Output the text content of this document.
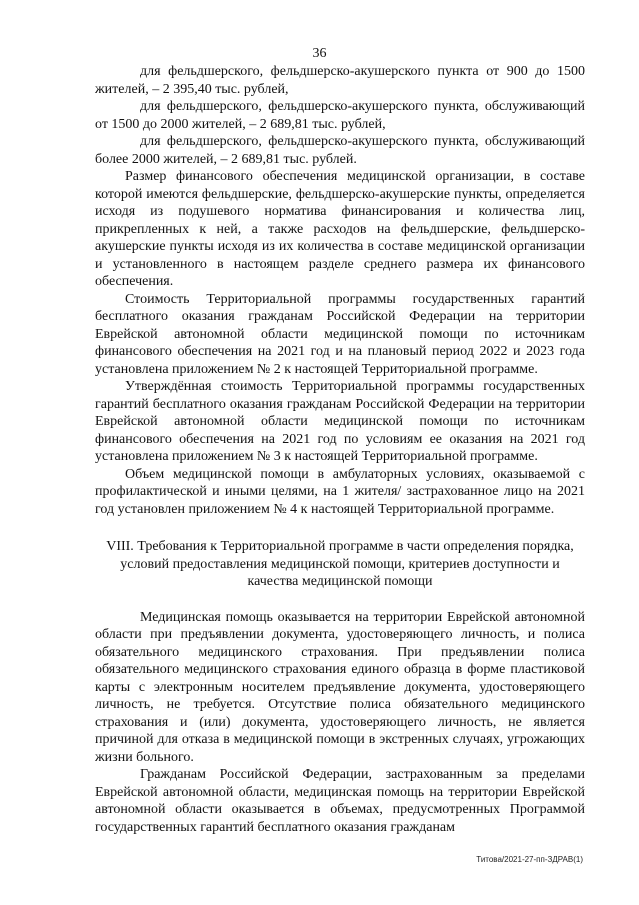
36

для фельдшерского, фельдшерско-акушерского пункта от 900 до 1500 жителей, – 2 395,40 тыс. рублей,

для фельдшерского, фельдшерско-акушерского пункта, обслуживающий от 1500 до 2000 жителей, – 2 689,81 тыс. рублей,

для фельдшерского, фельдшерско-акушерского пункта, обслуживающий более 2000 жителей, – 2 689,81 тыс. рублей.

Размер финансового обеспечения медицинской организации, в составе которой имеются фельдшерские, фельдшерско-акушерские пункты, определяется исходя из подушевого норматива финансирования и количества лиц, прикрепленных к ней, а также расходов на фельдшерские, фельдшерско-акушерские пункты исходя из их количества в составе медицинской организации и установленного в настоящем разделе среднего размера их финансового обеспечения.

Стоимость Территориальной программы государственных гарантий бесплатного оказания гражданам Российской Федерации на территории Еврейской автономной области медицинской помощи по источникам финансового обеспечения на 2021 год и на плановый период 2022 и 2023 года установлена приложением № 2 к настоящей Территориальной программе.

Утверждённая стоимость Территориальной программы государственных гарантий бесплатного оказания гражданам Российской Федерации на территории Еврейской автономной области медицинской помощи по источникам финансового обеспечения на 2021 год по условиям ее оказания на 2021 год установлена приложением № 3 к настоящей Территориальной программе.

Объем медицинской помощи в амбулаторных условиях, оказываемой с профилактической и иными целями, на 1 жителя/ застрахованное лицо на 2021 год установлен приложением № 4 к настоящей Территориальной программе.

VIII. Требования к Территориальной программе в части определения порядка, условий предоставления медицинской помощи, критериев доступности и качества медицинской помощи

Медицинская помощь оказывается на территории Еврейской автономной области при предъявлении документа, удостоверяющего личность, и полиса обязательного медицинского страхования. При предъявлении полиса обязательного медицинского страхования единого образца в форме пластиковой карты с электронным носителем предъявление документа, удостоверяющего личность, не требуется. Отсутствие полиса обязательного медицинского страхования и (или) документа, удостоверяющего личность, не является причиной для отказа в медицинской помощи в экстренных случаях, угрожающих жизни больного.

Гражданам Российской Федерации, застрахованным за пределами Еврейской автономной области, медицинская помощь на территории Еврейской автономной области оказывается в объемах, предусмотренных Программой государственных гарантий бесплатного оказания гражданам

Титова/2021-27-пп-ЗДРАВ(1)
